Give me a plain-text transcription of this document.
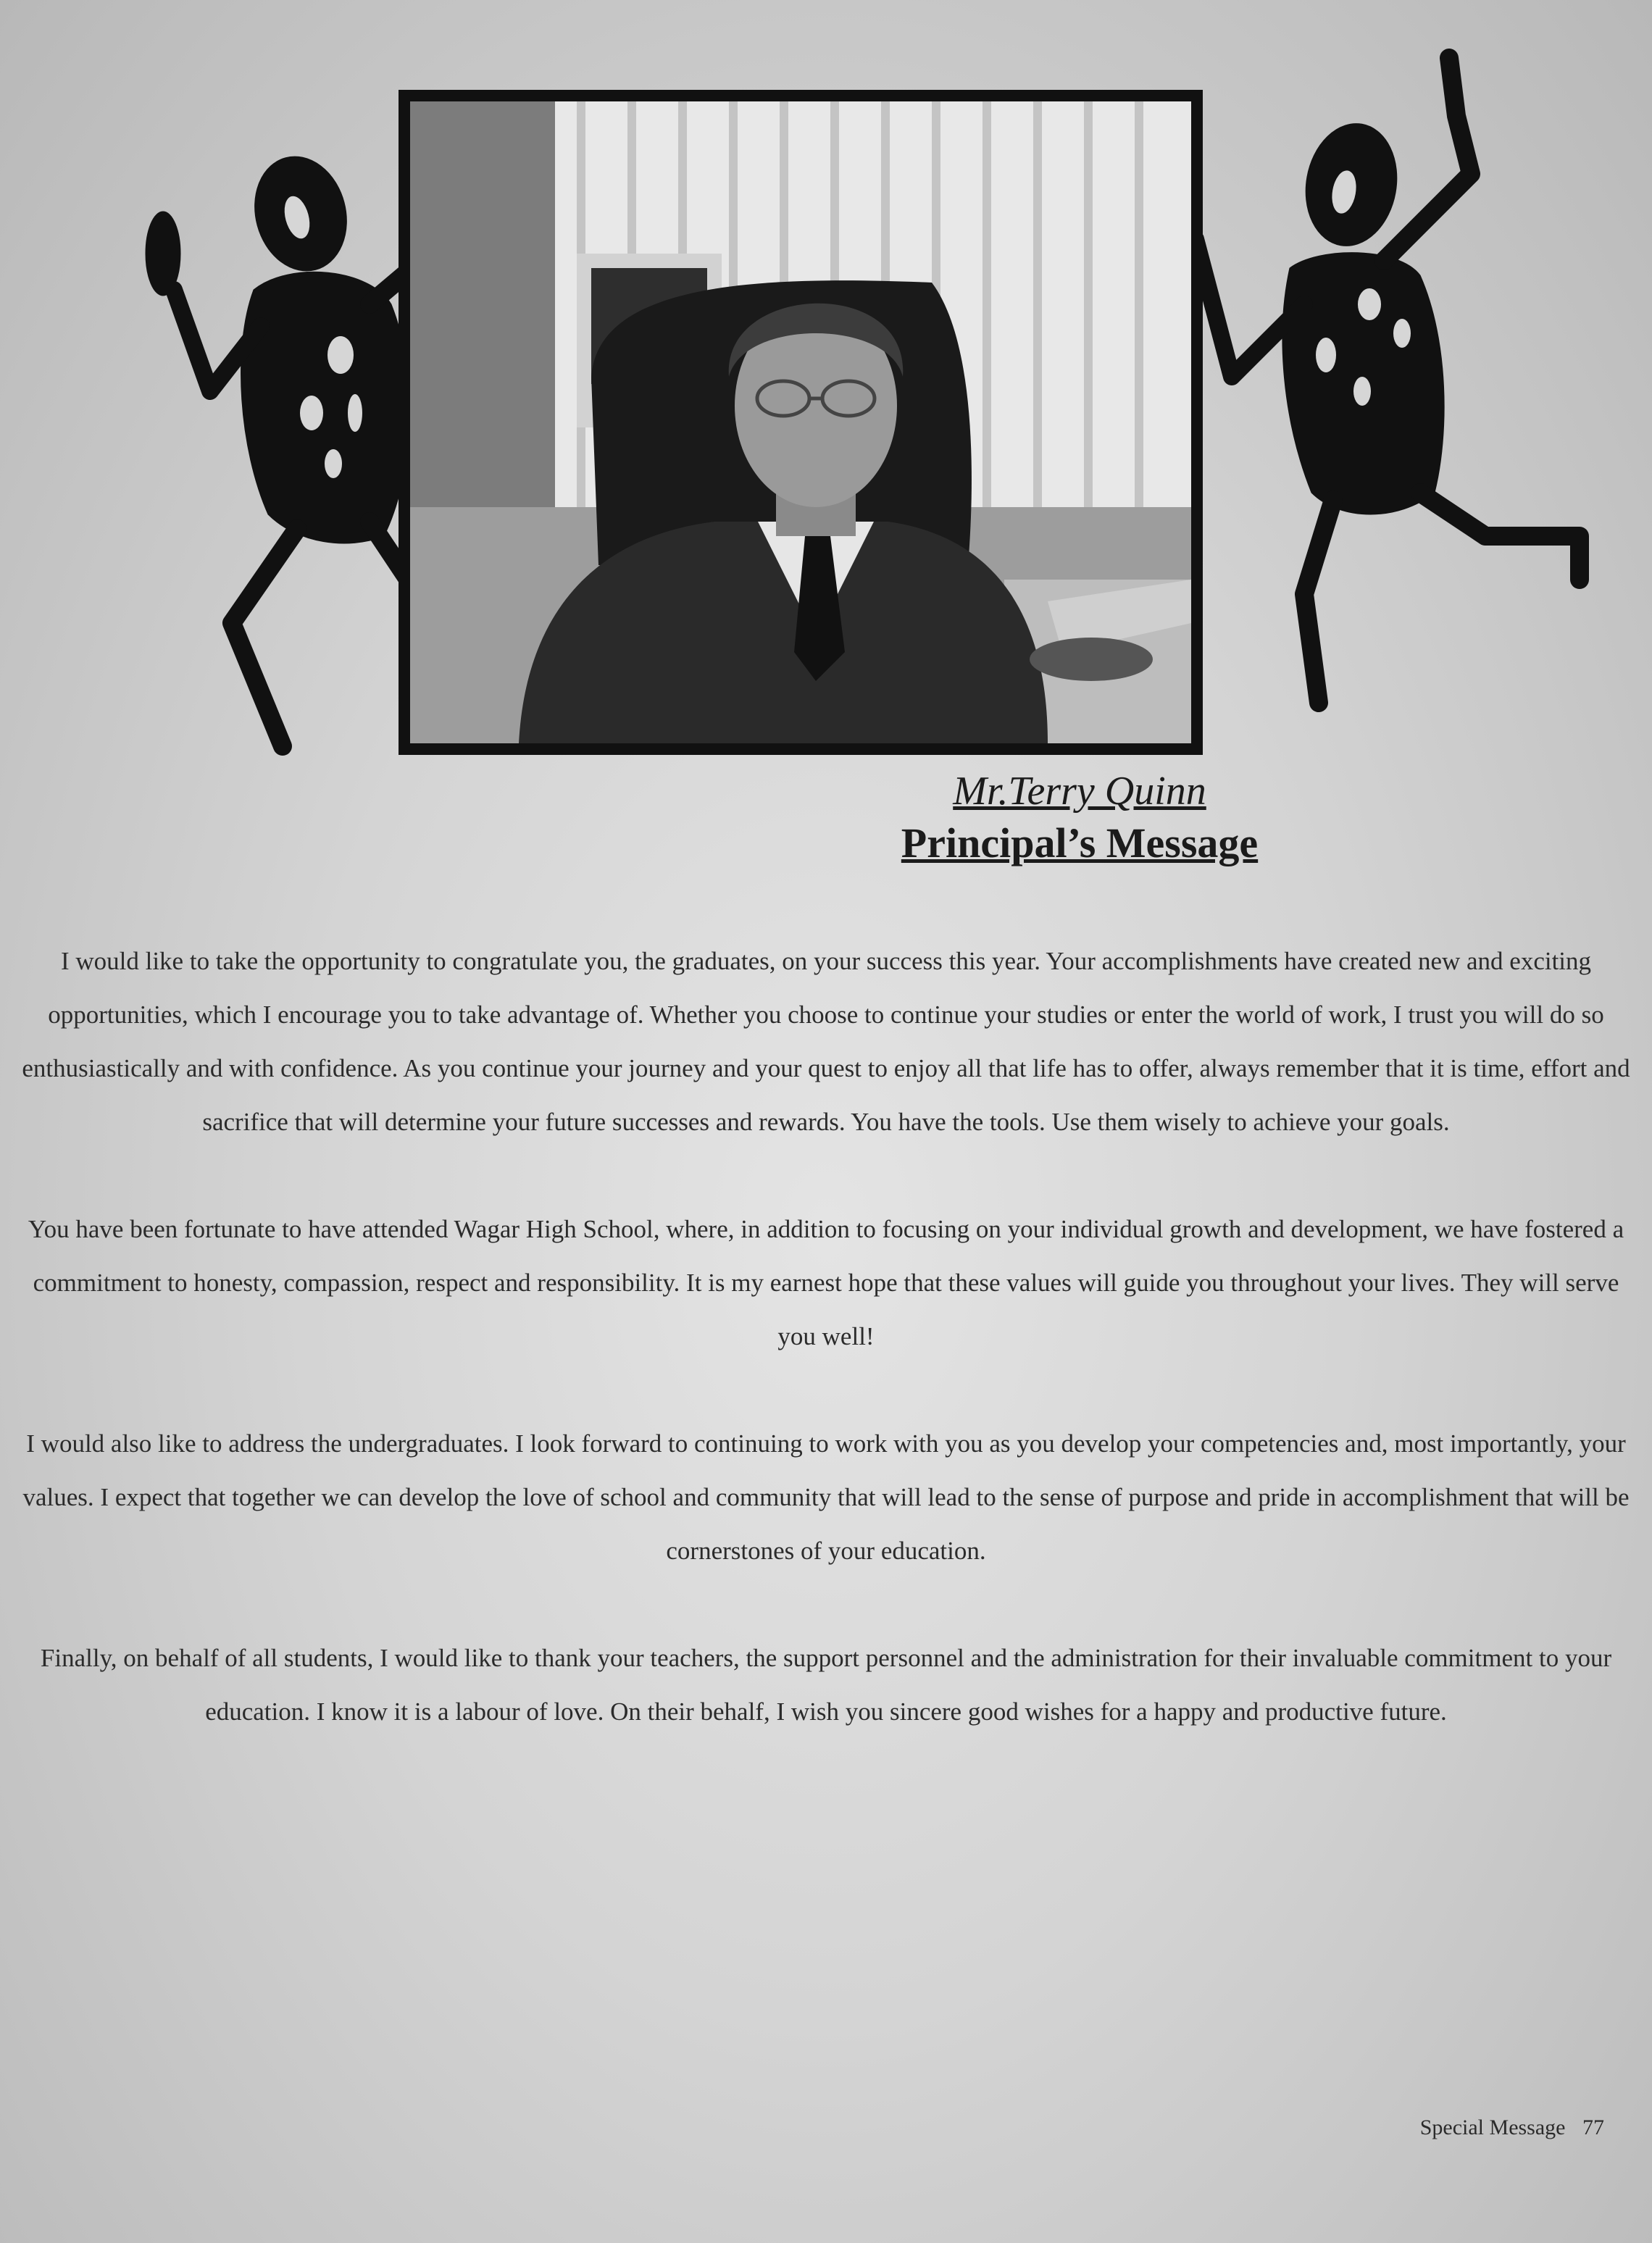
Mr.Terry Quinn
Principal’s Message

I would like to take the opportunity to congratulate you, the graduates, on your success this year. Your accomplishments have created new and exciting opportunities, which I encourage you to take advantage of. Whether you choose to continue your studies or enter the world of work, I trust you will do so enthusiastically and with confidence. As you continue your journey and your quest to enjoy all that life has to offer, always remember that it is time, effort and sacrifice that will determine your future successes and rewards. You have the tools. Use them wisely to achieve your goals.

You have been fortunate to have attended Wagar High School, where, in addition to focusing on your individual growth and development, we have fostered a commitment to honesty, compassion, respect and responsibility. It is my earnest hope that these values will guide you throughout your lives. They will serve you well!

I would also like to address the undergraduates. I look forward to continuing to work with you as you develop your competencies and, most importantly, your values. I expect that together we can develop the love of school and community that will lead to the sense of purpose and pride in accomplishment that will be cornerstones of your education.

Finally, on behalf of all students, I would like to thank your teachers, the support personnel and the administration for their invaluable commitment to your education. I know it is a labour of love. On their behalf, I wish you sincere good wishes for a happy and productive future.

Special Message 77
